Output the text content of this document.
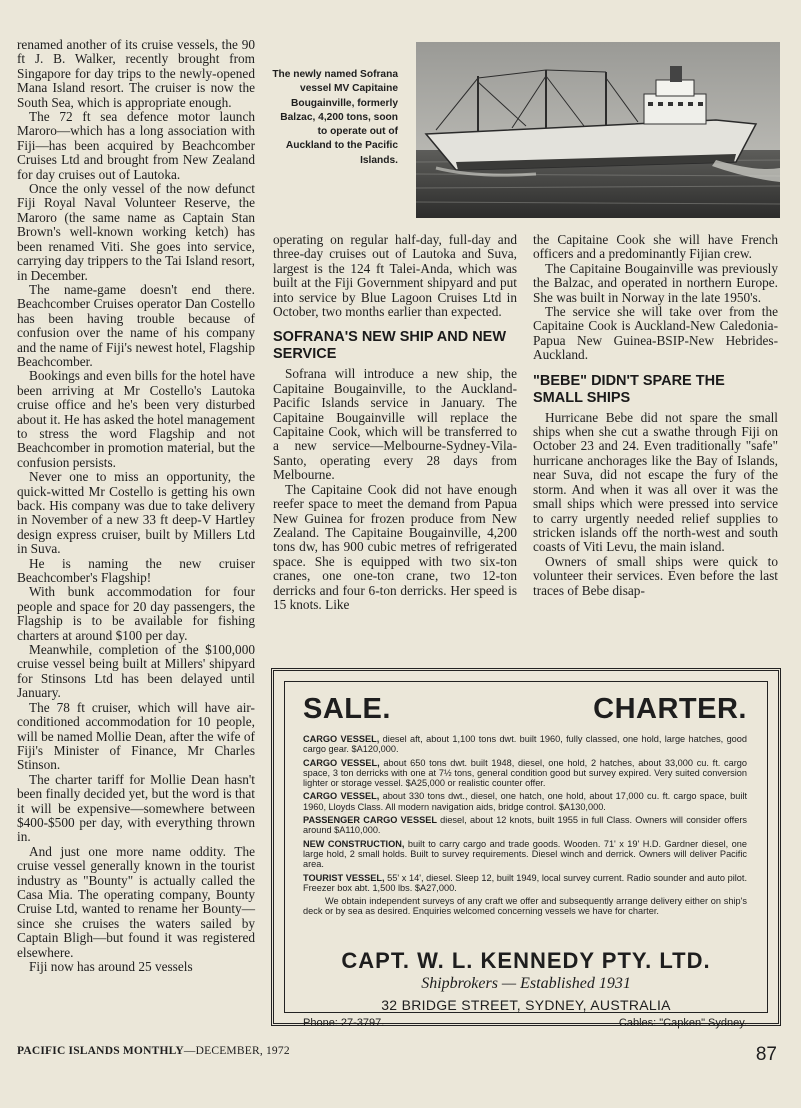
renamed another of its cruise vessels, the 90 ft J. B. Walker, recently brought from Singapore for day trips to the newly-opened Mana Island resort. The cruiser is now the South Sea, which is appropriate enough.

The 72 ft sea defence motor launch Maroro—which has a long association with Fiji—has been acquired by Beachcomber Cruises Ltd and brought from New Zealand for day cruises out of Lautoka.

Once the only vessel of the now defunct Fiji Royal Naval Volunteer Reserve, the Maroro (the same name as Captain Stan Brown's well-known working ketch) has been renamed Viti. She goes into service, carrying day trippers to the Tai Island resort, in December.

The name-game doesn't end there. Beachcomber Cruises operator Dan Costello has been having trouble because of confusion over the name of his company and the name of Fiji's newest hotel, Flagship Beachcomber.

Bookings and even bills for the hotel have been arriving at Mr Costello's Lautoka cruise office and he's been very disturbed about it. He has asked the hotel management to stress the word Flagship and not Beachcomber in promotion material, but the confusion persists.

Never one to miss an opportunity, the quick-witted Mr Costello is getting his own back. His company was due to take delivery in November of a new 33 ft deep-V Hartley design express cruiser, built by Millers Ltd in Suva.

He is naming the new cruiser Beachcomber's Flagship!

With bunk accommodation for four people and space for 20 day passengers, the Flagship is to be available for fishing charters at around $100 per day.

Meanwhile, completion of the $100,000 cruise vessel being built at Millers' shipyard for Stinsons Ltd has been delayed until January.

The 78 ft cruiser, which will have air-conditioned accommodation for 10 people, will be named Mollie Dean, after the wife of Fiji's Minister of Finance, Mr Charles Stinson.

The charter tariff for Mollie Dean hasn't been finally decided yet, but the word is that it will be expensive—somewhere between $400-$500 per day, with everything thrown in.

And just one more name oddity. The cruise vessel generally known in the tourist industry as "Bounty" is actually called the Casa Mia. The operating company, Bounty Cruise Ltd, wanted to rename her Bounty—since she cruises the waters sailed by Captain Bligh—but found it was registered elsewhere.

Fiji now has around 25 vessels

The newly named Sofrana vessel MV Capitaine Bougainville, formerly Balzac, 4,200 tons, soon to operate out of Auckland to the Pacific Islands.

operating on regular half-day, full-day and three-day cruises out of Lautoka and Suva, largest is the 124 ft Talei-Anda, which was built at the Fiji Government shipyard and put into service by Blue Lagoon Cruises Ltd in October, two months earlier than expected.

SOFRANA'S NEW SHIP AND NEW SERVICE

Sofrana will introduce a new ship, the Capitaine Bougainville, to the Auckland-Pacific Islands service in January. The Capitaine Bougainville will replace the Capitaine Cook, which will be transferred to a new service—Melbourne-Sydney-Vila-Santo, operating every 28 days from Melbourne.

The Capitaine Cook did not have enough reefer space to meet the demand from Papua New Guinea for frozen produce from New Zealand. The Capitaine Bougainville, 4,200 tons dw, has 900 cubic metres of refrigerated space. She is equipped with two six-ton cranes, one one-ton crane, two 12-ton derricks and four 6-ton derricks. Her speed is 15 knots. Like

the Capitaine Cook she will have French officers and a predominantly Fijian crew.

The Capitaine Bougainville was previously the Balzac, and operated in northern Europe. She was built in Norway in the late 1950's.

The service she will take over from the Capitaine Cook is Auckland-New Caledonia-Papua New Guinea-BSIP-New Hebrides-Auckland.

"BEBE" DIDN'T SPARE THE SMALL SHIPS

Hurricane Bebe did not spare the small ships when she cut a swathe through Fiji on October 23 and 24. Even traditionally "safe" hurricane anchorages like the Bay of Islands, near Suva, did not escape the fury of the storm. And when it was all over it was the small ships which were pressed into service to carry urgently needed relief supplies to stricken islands off the north-west and south coasts of Viti Levu, the main island.

Owners of small ships were quick to volunteer their services. Even before the last traces of Bebe disap-

SALE.	CHARTER.

CARGO VESSEL, diesel aft, about 1,100 tons dwt. built 1960, fully classed, one hold, large hatches, good cargo gear. $A120,000.

CARGO VESSEL, about 650 tons dwt. built 1948, diesel, one hold, 2 hatches, about 33,000 cu. ft. cargo space, 3 ton derricks with one at 7½ tons, general condition good but survey expired. Very suited conversion lighter or storage vessel. $A25,000 or realistic counter offer.

CARGO VESSEL, about 330 tons dwt., diesel, one hatch, one hold, about 17,000 cu. ft. cargo space, built 1960, Lloyds Class. All modern navigation aids, bridge control. $A130,000.

PASSENGER CARGO VESSEL diesel, about 12 knots, built 1955 in full Class. Owners will consider offers around $A110,000.

NEW CONSTRUCTION, built to carry cargo and trade goods. Wooden. 71' x 19' H.D. Gardner diesel, one large hold, 2 small holds. Built to survey requirements. Diesel winch and derrick. Owners will deliver Pacific area.

TOURIST VESSEL, 55' x 14', diesel. Sleep 12, built 1949, local survey current. Radio sounder and auto pilot. Freezer box abt. 1,500 lbs. $A27,000.

We obtain independent surveys of any craft we offer and subsequently arrange delivery either on ship's deck or by sea as desired. Enquiries welcomed concerning vessels we have for charter.

CAPT. W. L. KENNEDY PTY. LTD.
Shipbrokers — Established 1931
32 BRIDGE STREET, SYDNEY, AUSTRALIA
Phone: 27-3797.	Cables: "Capken" Sydney.
PACIFIC ISLANDS MONTHLY—DECEMBER, 1972	87
